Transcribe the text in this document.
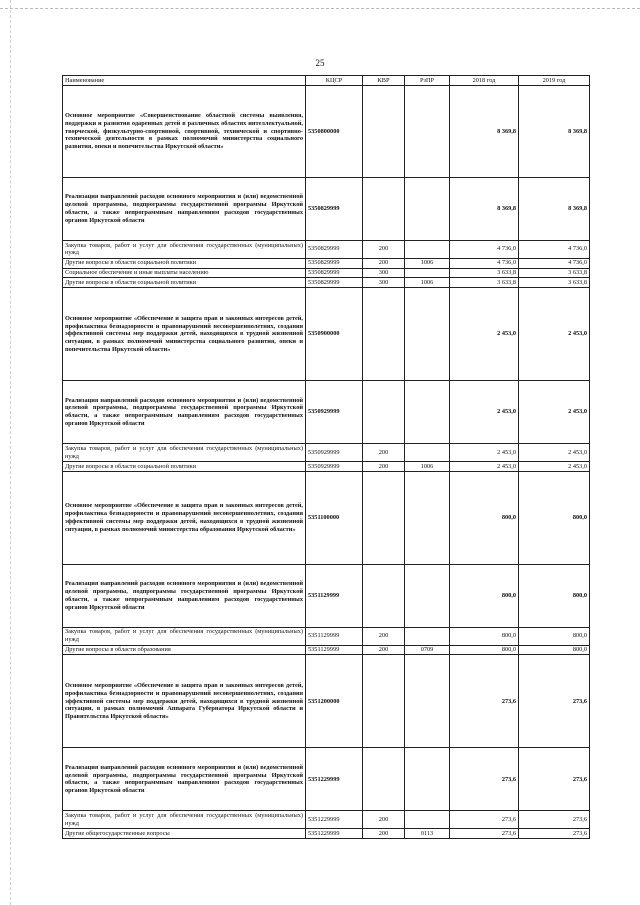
25
Наименование	КЦСР	КВР	РзПР	2018 год	2019 год
Основное мероприятие «Совершенствование областной системы выявления, поддержки и развития одаренных детей в различных областях интеллектуальной, творческой, физкультурно-спортивной, спортивной, технической и спортивно-технической деятельности в рамках полномочий министерства социального развития, опеки и попечительства Иркутской области»	5350800000			8 369,8	8 369,8
Реализация направлений расходов основного мероприятия и (или) ведомственной целевой программы, подпрограммы государственной программы Иркутской области, а также непрограммным направлениям расходов государственных органов Иркутской области	5350829999			8 369,8	8 369,8
Закупка товаров, работ и услуг для обеспечения государственных (муниципальных) нужд	5350829999	200		4 736,0	4 736,0
Другие вопросы в области социальной политики	5350829999	200	1006	4 736,0	4 736,0
Социальное обеспечение и иные выплаты населению	5350829999	300		3 633,8	3 633,8
Другие вопросы в области социальной политики	5350829999	300	1006	3 633,8	3 633,8
Основное мероприятие «Обеспечение и защита прав и законных интересов детей, профилактика безнадзорности и правонарушений несовершеннолетних, создания эффективной системы мер поддержки детей, находящихся в трудной жизненной ситуации, в рамках полномочий министерства социального развития, опеки и попечительства Иркутской области»	5350900000			2 453,0	2 453,0
Реализация направлений расходов основного мероприятия и (или) ведомственной целевой программы, подпрограммы государственной программы Иркутской области, а также непрограммным направлениям расходов государственных органов Иркутской области	5350929999			2 453,0	2 453,0
Закупка товаров, работ и услуг для обеспечения государственных (муниципальных) нужд	5350929999	200		2 453,0	2 453,0
Другие вопросы в области социальной политики	5350929999	200	1006	2 453,0	2 453,0
Основное мероприятие «Обеспечение и защита прав и законных интересов детей, профилактика безнадзорности и правонарушений несовершеннолетних, создания эффективной системы мер поддержки детей, находящихся в трудной жизненной ситуации, в рамках полномочий министерства образования Иркутской области»	5351100000			800,0	800,0
Реализация направлений расходов основного мероприятия и (или) ведомственной целевой программы, подпрограммы государственной программы Иркутской области, а также непрограммным направлениям расходов государственных органов Иркутской области	5351129999			800,0	800,0
Закупка товаров, работ и услуг для обеспечения государственных (муниципальных) нужд	5351129999	200		800,0	800,0
Другие вопросы в области образования	5351129999	200	0709	800,0	800,0
Основное мероприятие «Обеспечение и защита прав и законных интересов детей, профилактика безнадзорности и правонарушений несовершеннолетних, создания эффективной системы мер поддержки детей, находящихся в трудной жизненной ситуации, в рамках полномочий Аппарата Губернатора Иркутской области и Правительства Иркутской области»	5351200000			273,6	273,6
Реализация направлений расходов основного мероприятия и (или) ведомственной целевой программы, подпрограммы государственной программы Иркутской области, а также непрограммным направлениям расходов государственных органов Иркутской области	5351229999			273,6	273,6
Закупка товаров, работ и услуг для обеспечения государственных (муниципальных) нужд	5351229999	200		273,6	273,6
Другие общегосударственные вопросы	5351229999	200	0113	273,6	273,6
